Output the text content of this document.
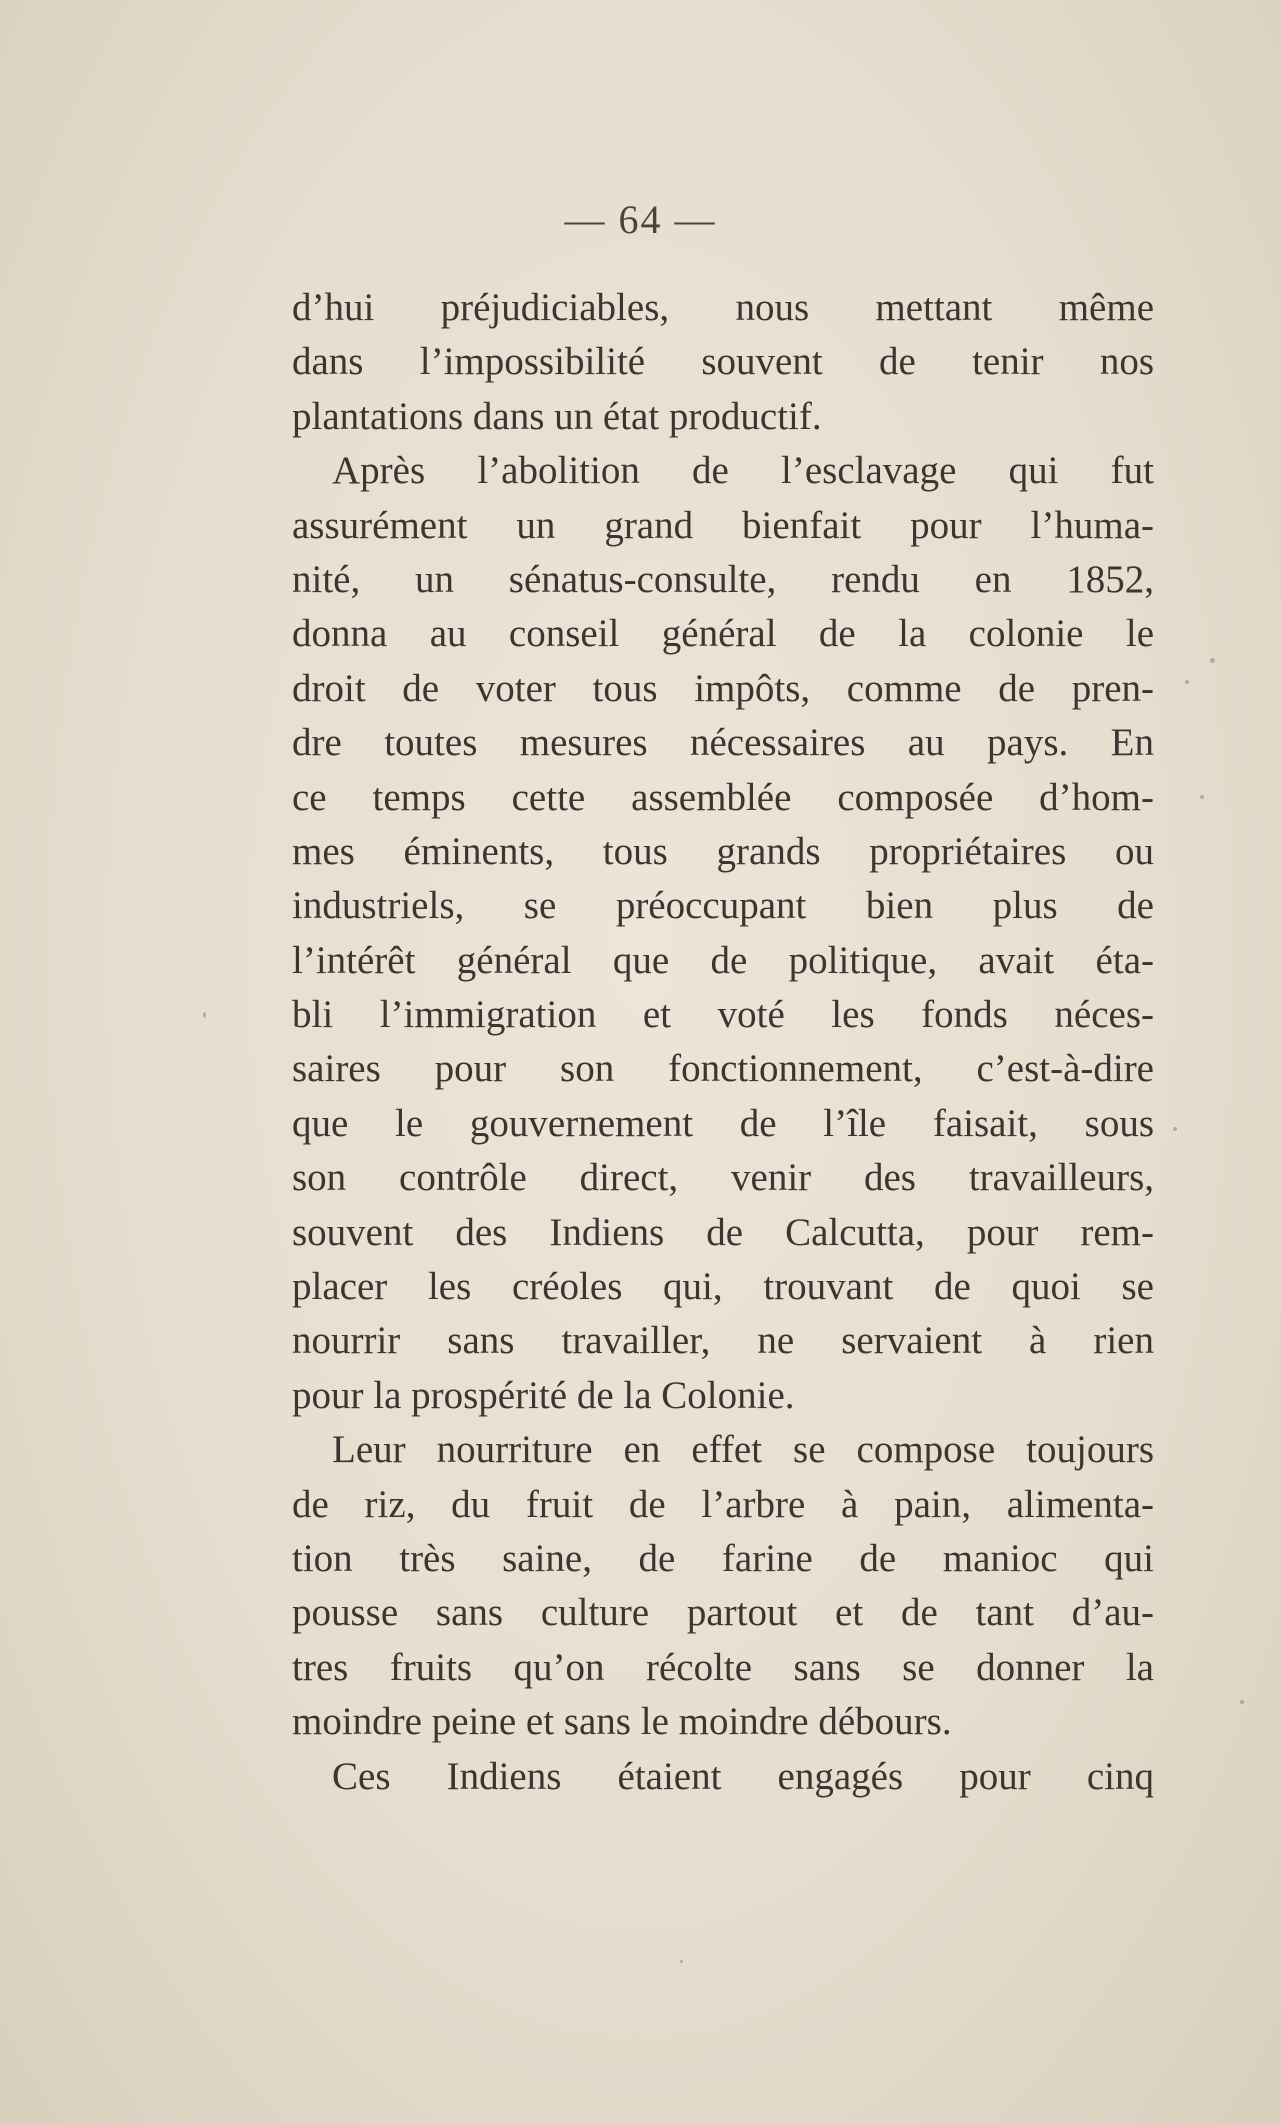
— 64 —
d’hui préjudiciables, nous mettant même
dans l’impossibilité souvent de tenir nos
plantations dans un état productif.
Après l’abolition de l’esclavage qui fut
assurément un grand bienfait pour l’huma-
nité, un sénatus-consulte, rendu en 1852,
donna au conseil général de la colonie le
droit de voter tous impôts, comme de pren-
dre toutes mesures nécessaires au pays. En
ce temps cette assemblée composée d’hom-
mes éminents, tous grands propriétaires ou
industriels, se préoccupant bien plus de
l’intérêt général que de politique, avait éta-
bli l’immigration et voté les fonds néces-
saires pour son fonctionnement, c’est-à-dire
que le gouvernement de l’île faisait, sous
son contrôle direct, venir des travailleurs,
souvent des Indiens de Calcutta, pour rem-
placer les créoles qui, trouvant de quoi se
nourrir sans travailler, ne servaient à rien
pour la prospérité de la Colonie.
Leur nourriture en effet se compose toujours
de riz, du fruit de l’arbre à pain, alimenta-
tion très saine, de farine de manioc qui
pousse sans culture partout et de tant d’au-
tres fruits qu’on récolte sans se donner la
moindre peine et sans le moindre débours.
Ces Indiens étaient engagés pour cinq
